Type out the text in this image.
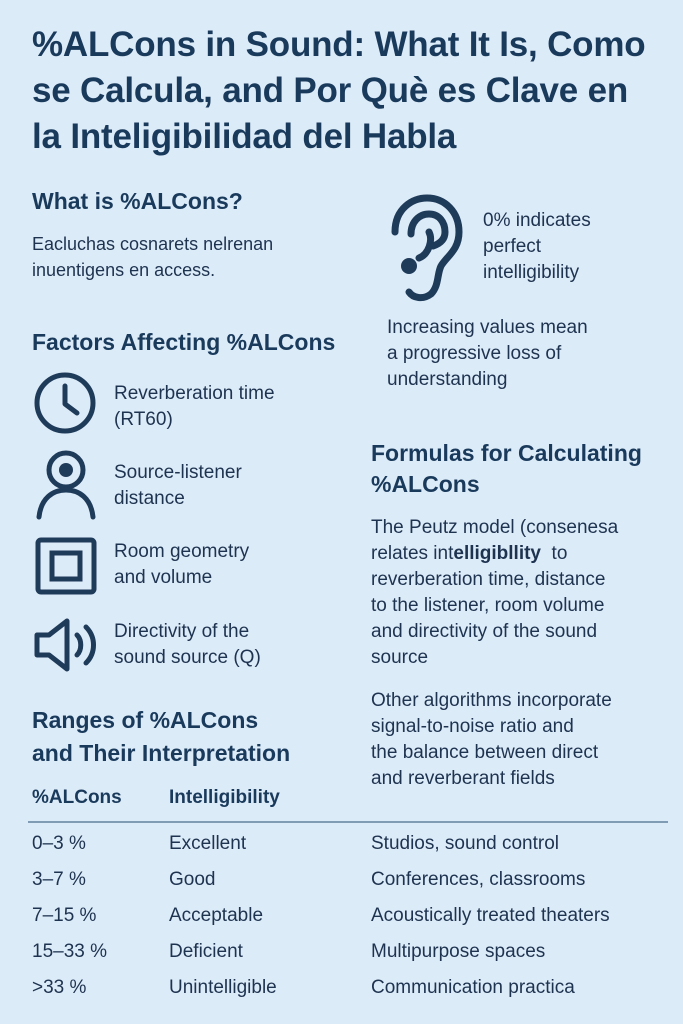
%ALCons in Sound: What It Is, Como se Calcula, and Por Què es Clave en la Inteligibilidad del Habla
What is %ALCons?
Eacluchas cosnarets nelrenan
inuentigens en access.
0% indicates
perfect
intelligibility
Increasing values mean
a progressive loss of
understanding
Factors Affecting %ALCons
Reverberation time
(RT60)
Source-listener
distance
Room geometry
and volume
Directivity of the
sound source (Q)
Formulas for Calculating
%ALCons
The Peutz model (consenesa
relates intelligibllity  to
reverberation time, distance
to the listener, room volume
and directivity of the sound
source
Other algorithms incorporate
signal-to-noise ratio and
the balance between direct
and reverberant fields
Ranges of %ALCons
and Their Interpretation
%ALCons Intelligibility
0–3 %	Excellent	Studios, sound control
3–7 %	Good	Conferences, classrooms
7–15 %	Acceptable	Acoustically treated theaters
15–33 %	Deficient	Multipurpose spaces
>33 %	Unintelligible	Communication practica
